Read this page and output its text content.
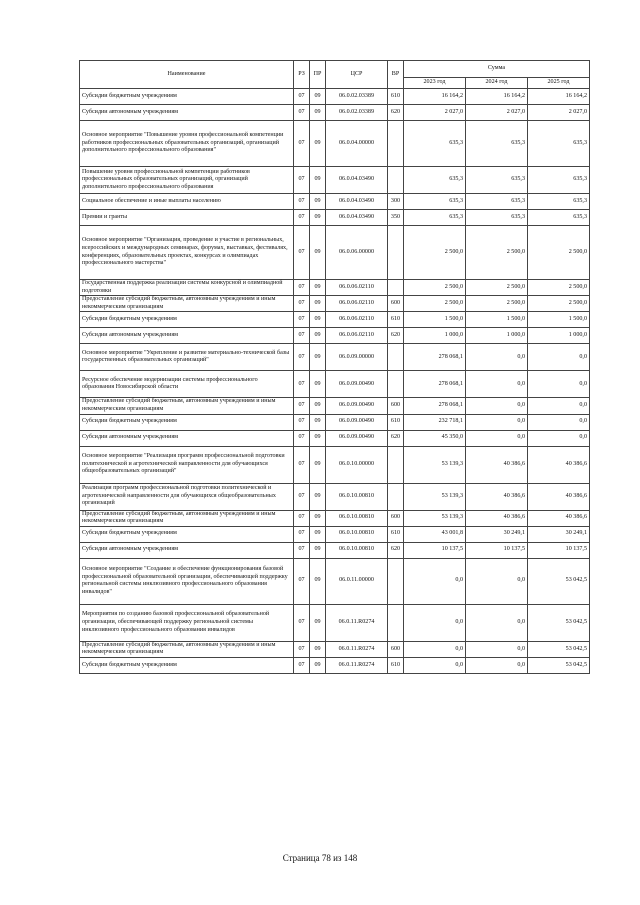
Наименование	РЗ	ПР	ЦСР	ВР	Сумма		
					2023 год	2024 год	2025 год
Субсидии бюджетным учреждениям	07	09	06.0.02.03389	610	16 164,2	16 164,2	16 164,2
Субсидии автономным учреждениям	07	09	06.0.02.03389	620	2 027,0	2 027,0	2 027,0
Основное мероприятие "Повышение уровня профессиональной компетенции работников профессиональных образовательных организаций, организаций дополнительного профессионального образования"	07	09	06.0.04.00000		635,3	635,3	635,3
Повышение уровня профессиональной компетенции работников профессиональных образовательных организаций, организаций дополнительного профессионального образования	07	09	06.0.04.03490		635,3	635,3	635,3
Социальное обеспечение и иные выплаты населению	07	09	06.0.04.03490	300	635,3	635,3	635,3
Премии и гранты	07	09	06.0.04.03490	350	635,3	635,3	635,3
Основное мероприятие "Организация, проведение и участие в региональных, всероссийских и международных семинарах, форумах, выставках, фестивалях, конференциях, образовательных проектах, конкурсах и олимпиадах профессионального мастерства"	07	09	06.0.06.00000		2 500,0	2 500,0	2 500,0
Государственная поддержка реализации системы конкурсной и олимпиадной подготовки	07	09	06.0.06.02110		2 500,0	2 500,0	2 500,0
Предоставление субсидий бюджетным, автономным учреждениям и иным некоммерческим организациям	07	09	06.0.06.02110	600	2 500,0	2 500,0	2 500,0
Субсидии бюджетным учреждениям	07	09	06.0.06.02110	610	1 500,0	1 500,0	1 500,0
Субсидии автономным учреждениям	07	09	06.0.06.02110	620	1 000,0	1 000,0	1 000,0
Основное мероприятие "Укрепление и развитие материально-технической базы государственных образовательных организаций"	07	09	06.0.09.00000		278 068,1	0,0	0,0
Ресурсное обеспечение модернизации системы профессионального образования Новосибирской области	07	09	06.0.09.00490		278 068,1	0,0	0,0
Предоставление субсидий бюджетным, автономным учреждениям и иным некоммерческим организациям	07	09	06.0.09.00490	600	278 068,1	0,0	0,0
Субсидии бюджетным учреждениям	07	09	06.0.09.00490	610	232 718,1	0,0	0,0
Субсидии автономным учреждениям	07	09	06.0.09.00490	620	45 350,0	0,0	0,0
Основное мероприятие "Реализация программ профессиональной подготовки политехнической и агротехнической направленности для обучающихся общеобразовательных организаций"	07	09	06.0.10.00000		53 139,3	40 386,6	40 386,6
Реализация программ профессиональной подготовки политехнической и агротехнической направленности для обучающихся общеобразовательных организаций	07	09	06.0.10.00810		53 139,3	40 386,6	40 386,6
Предоставление субсидий бюджетным, автономным учреждениям и иным некоммерческим организациям	07	09	06.0.10.00810	600	53 139,3	40 386,6	40 386,6
Субсидии бюджетным учреждениям	07	09	06.0.10.00810	610	43 001,8	30 249,1	30 249,1
Субсидии автономным учреждениям	07	09	06.0.10.00810	620	10 137,5	10 137,5	10 137,5
Основное мероприятие "Создание и обеспечение функционирования базовой профессиональной образовательной организации, обеспечивающей поддержку региональной системы инклюзивного профессионального образования инвалидов"	07	09	06.0.11.00000		0,0	0,0	53 042,5
Мероприятия по созданию базовой профессиональной образовательной организации, обеспечивающей поддержку региональной системы инклюзивного профессионального образования инвалидов	07	09	06.0.11.R0274		0,0	0,0	53 042,5
Предоставление субсидий бюджетным, автономным учреждениям и иным некоммерческим организациям	07	09	06.0.11.R0274	600	0,0	0,0	53 042,5
Субсидии бюджетным учреждениям	07	09	06.0.11.R0274	610	0,0	0,0	53 042,5
Страница 78 из 148
